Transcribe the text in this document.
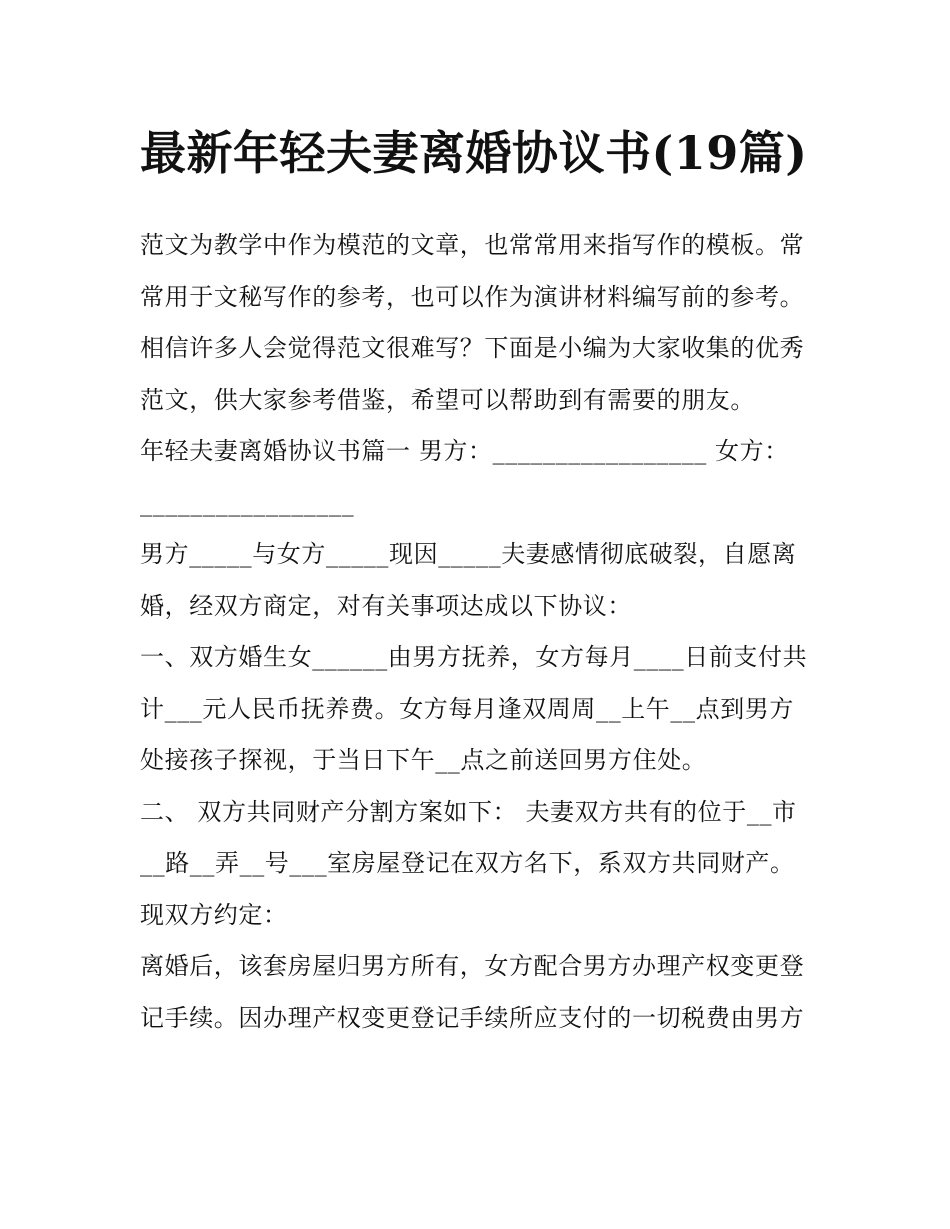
最新年轻夫妻离婚协议书(19篇)

范文为教学中作为模范的文章，也常常用来指写作的模板。常常用于文秘写作的参考，也可以作为演讲材料编写前的参考。相信许多人会觉得范文很难写？下面是小编为大家收集的优秀范文，供大家参考借鉴，希望可以帮助到有需要的朋友。

年轻夫妻离婚协议书篇一 男方：_________________ 女方：_________________

男方_____与女方_____现因_____夫妻感情彻底破裂，自愿离婚，经双方商定，对有关事项达成以下协议：

一、双方婚生女______由男方抚养，女方每月____日前支付共计___元人民币抚养费。女方每月逢双周周__上午__点到男方处接孩子探视，于当日下午__点之前送回男方住处。

二、 双方共同财产分割方案如下： 夫妻双方共有的位于__市__路__弄__号___室房屋登记在双方名下，系双方共同财产。现双方约定：

离婚后，该套房屋归男方所有，女方配合男方办理产权变更登记手续。因办理产权变更登记手续所应支付的一切税费由男方
